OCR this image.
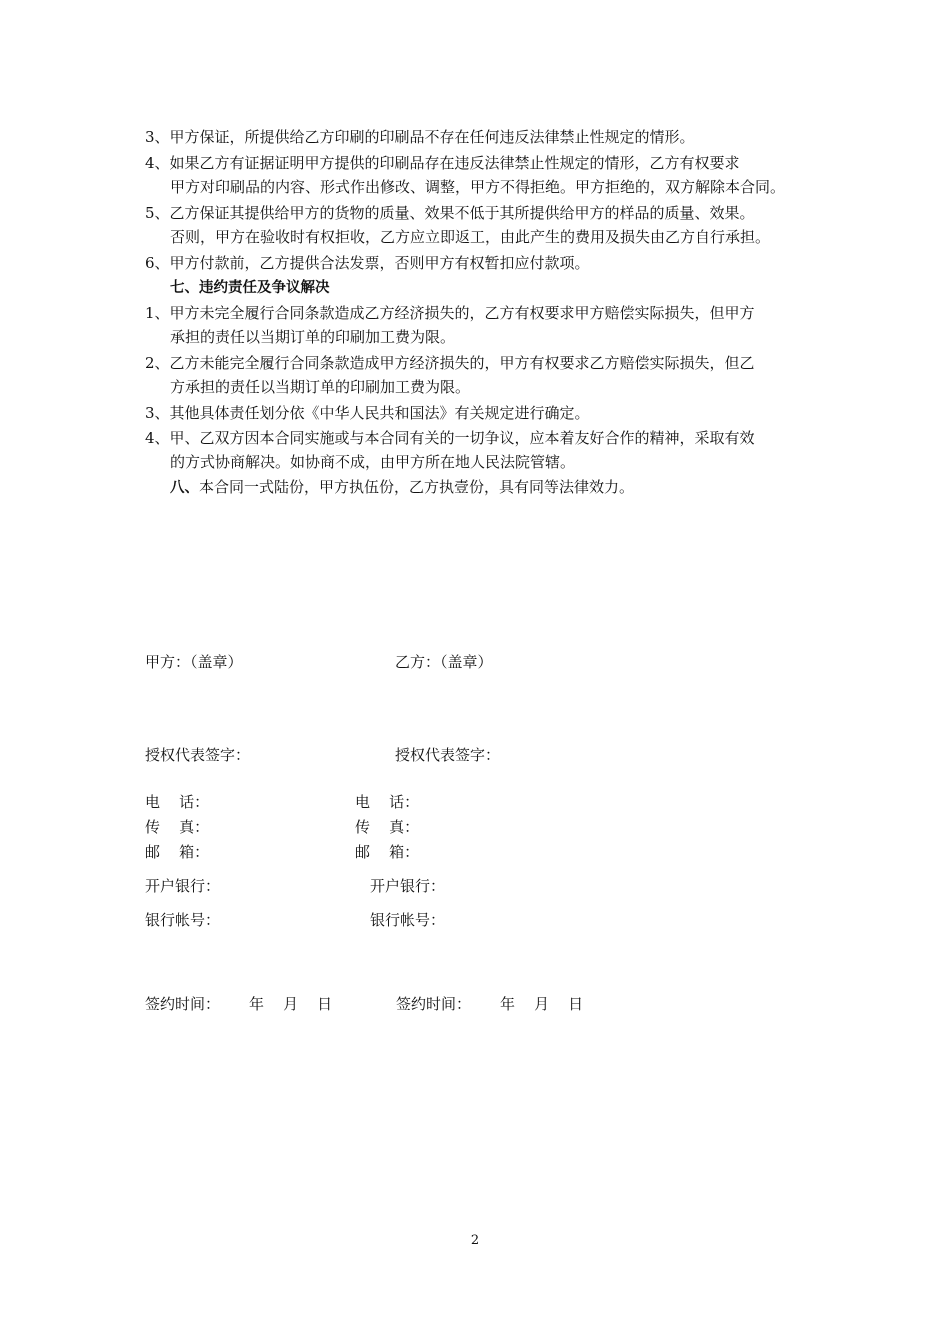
3、甲方保证，所提供给乙方印刷的印刷品不存在任何违反法律禁止性规定的情形。
4、如果乙方有证据证明甲方提供的印刷品存在违反法律禁止性规定的情形，乙方有权要求
甲方对印刷品的内容、形式作出修改、调整，甲方不得拒绝。甲方拒绝的，双方解除本合同。
5、乙方保证其提供给甲方的货物的质量、效果不低于其所提供给甲方的样品的质量、效果。
否则，甲方在验收时有权拒收，乙方应立即返工，由此产生的费用及损失由乙方自行承担。
6、甲方付款前，乙方提供合法发票，否则甲方有权暂扣应付款项。
七、违约责任及争议解决
1、甲方未完全履行合同条款造成乙方经济损失的，乙方有权要求甲方赔偿实际损失，但甲方
承担的责任以当期订单的印刷加工费为限。
2、乙方未能完全履行合同条款造成甲方经济损失的，甲方有权要求乙方赔偿实际损失，但乙
方承担的责任以当期订单的印刷加工费为限。
3、其他具体责任划分依《中华人民共和国法》有关规定进行确定。
4、甲、乙双方因本合同实施或与本合同有关的一切争议，应本着友好合作的精神，采取有效
的方式协商解决。如协商不成，由甲方所在地人民法院管辖。
八、本合同一式陆份，甲方执伍份，乙方执壹份，具有同等法律效力。
甲方：（盖章）	乙方：（盖章）
授权代表签字：	授权代表签字：
电    话：	电    话：
传    真：	传    真：
邮    箱：	邮    箱：
开户银行：	开户银行：
银行帐号：	银行帐号：
签约时间： 年    月    日	签约时间： 年    月    日
2
